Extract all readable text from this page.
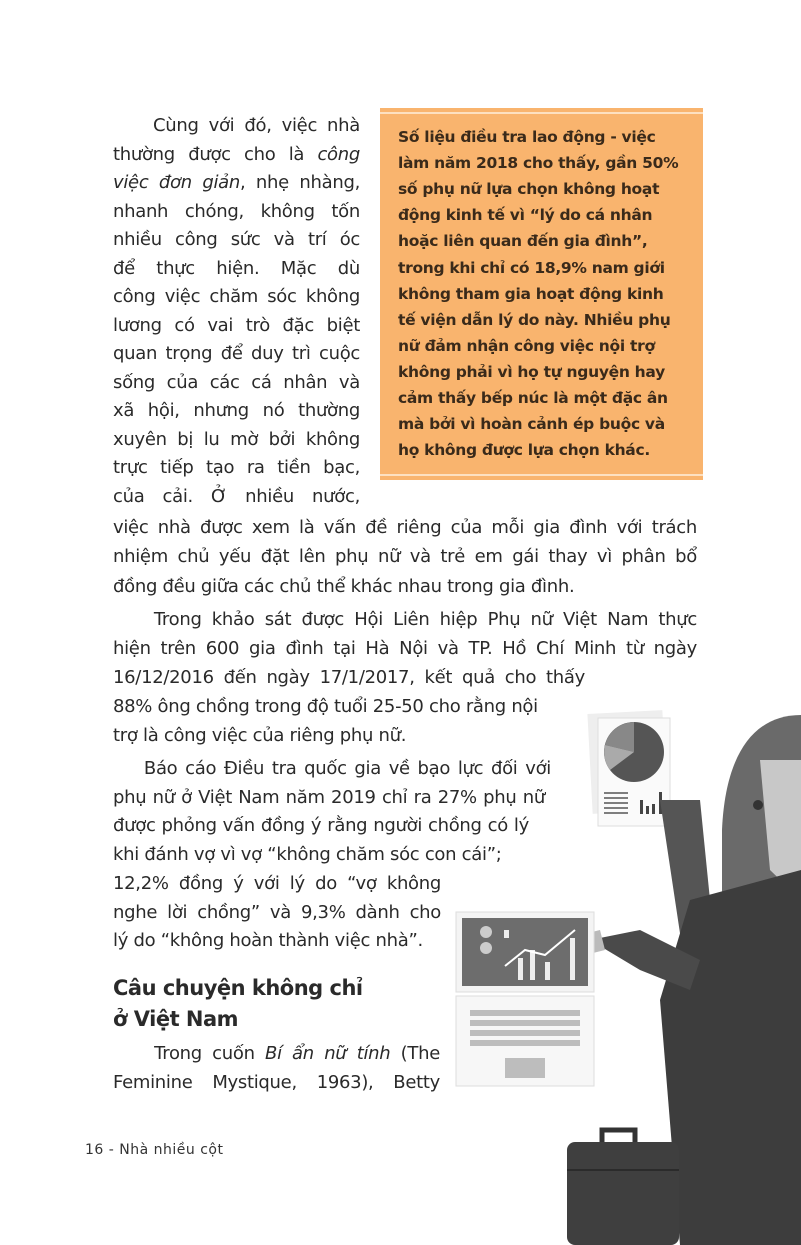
Cùng với đó, việc nhà
thường được cho là công
việc đơn giản, nhẹ nhàng,
nhanh chóng, không tốn
nhiều công sức và trí óc
để thực hiện. Mặc dù
công việc chăm sóc không
lương có vai trò đặc biệt
quan trọng để duy trì cuộc
sống của các cá nhân và
xã hội, nhưng nó thường
xuyên bị lu mờ bởi không
trực tiếp tạo ra tiền bạc,
của cải. Ở nhiều nước,
việc nhà được xem là vấn đề riêng của mỗi gia đình với trách
nhiệm chủ yếu đặt lên phụ nữ và trẻ em gái thay vì phân bổ
đồng đều giữa các chủ thể khác nhau trong gia đình.
Trong khảo sát được Hội Liên hiệp Phụ nữ Việt Nam thực
hiện trên 600 gia đình tại Hà Nội và TP. Hồ Chí Minh từ ngày
16/12/2016 đến ngày 17/1/2017, kết quả cho thấy
88% ông chồng trong độ tuổi 25-50 cho rằng nội
trợ là công việc của riêng phụ nữ.
Báo cáo Điều tra quốc gia về bạo lực đối với
phụ nữ ở Việt Nam năm 2019 chỉ ra 27% phụ nữ
được phỏng vấn đồng ý rằng người chồng có lý
khi đánh vợ vì vợ “không chăm sóc con cái”;
12,2% đồng ý với lý do “vợ không
nghe lời chồng” và 9,3% dành cho
lý do “không hoàn thành việc nhà”.
Câu chuyện không chỉ
ở Việt Nam
Trong cuốn Bí ẩn nữ tính (The
Feminine Mystique, 1963), Betty
Số liệu điều tra lao động - việc
làm năm 2018 cho thấy, gần 50%
số phụ nữ lựa chọn không hoạt
động kinh tế vì “lý do cá nhân
hoặc liên quan đến gia đình”,
trong khi chỉ có 18,9% nam giới
không tham gia hoạt động kinh
tế viện dẫn lý do này. Nhiều phụ
nữ đảm nhận công việc nội trợ
không phải vì họ tự nguyện hay
cảm thấy bếp núc là một đặc ân
mà bởi vì hoàn cảnh ép buộc và
họ không được lựa chọn khác.
16 - Nhà nhiều cột
